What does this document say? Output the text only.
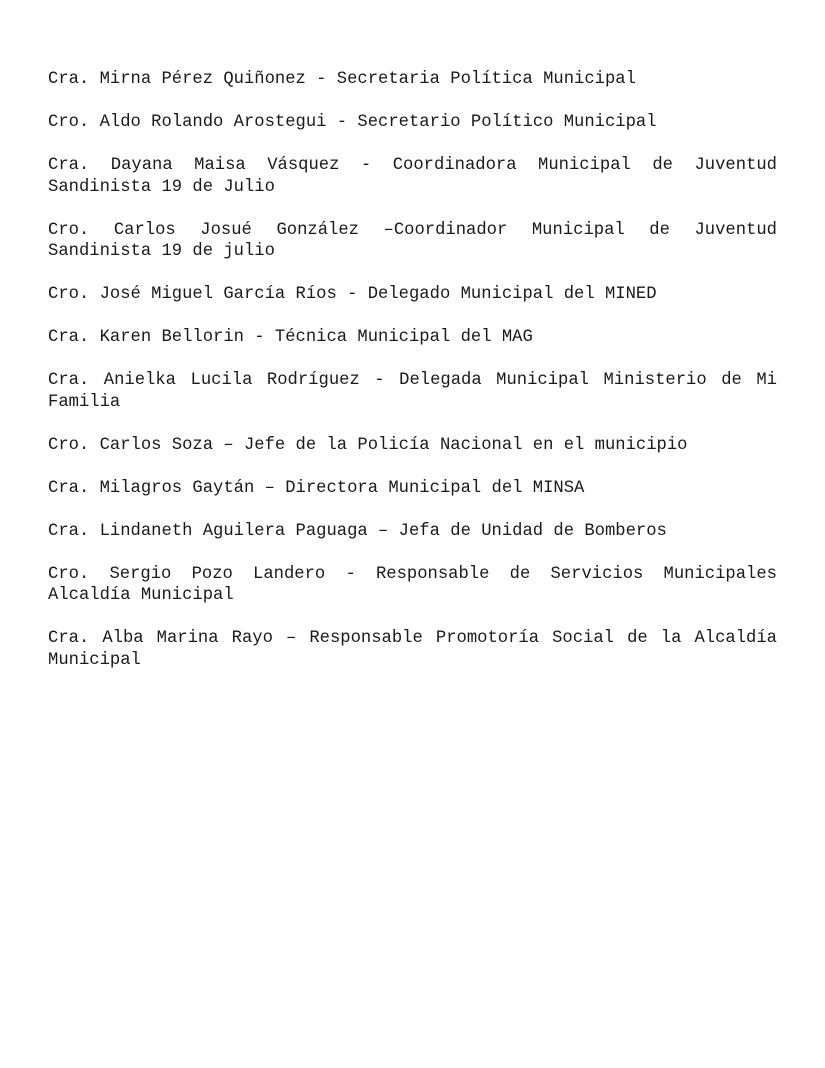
Cra. Mirna Pérez Quiñonez - Secretaria Política Municipal

Cro. Aldo Rolando Arostegui - Secretario Político Municipal

Cra. Dayana Maisa Vásquez - Coordinadora Municipal de Juventud Sandinista 19 de Julio

Cro. Carlos Josué González –Coordinador Municipal de Juventud Sandinista 19 de julio

Cro. José Miguel García Ríos - Delegado Municipal del MINED

Cra. Karen Bellorin - Técnica Municipal del MAG

Cra. Anielka Lucila Rodríguez - Delegada Municipal Ministerio de Mi Familia

Cro. Carlos Soza – Jefe de la Policía Nacional en el municipio

Cra. Milagros Gaytán – Directora Municipal del MINSA

Cra. Lindaneth Aguilera Paguaga – Jefa de Unidad de Bomberos

Cro. Sergio Pozo Landero - Responsable de Servicios Municipales Alcaldía Municipal

Cra. Alba Marina Rayo – Responsable Promotoría Social de la Alcaldía Municipal
